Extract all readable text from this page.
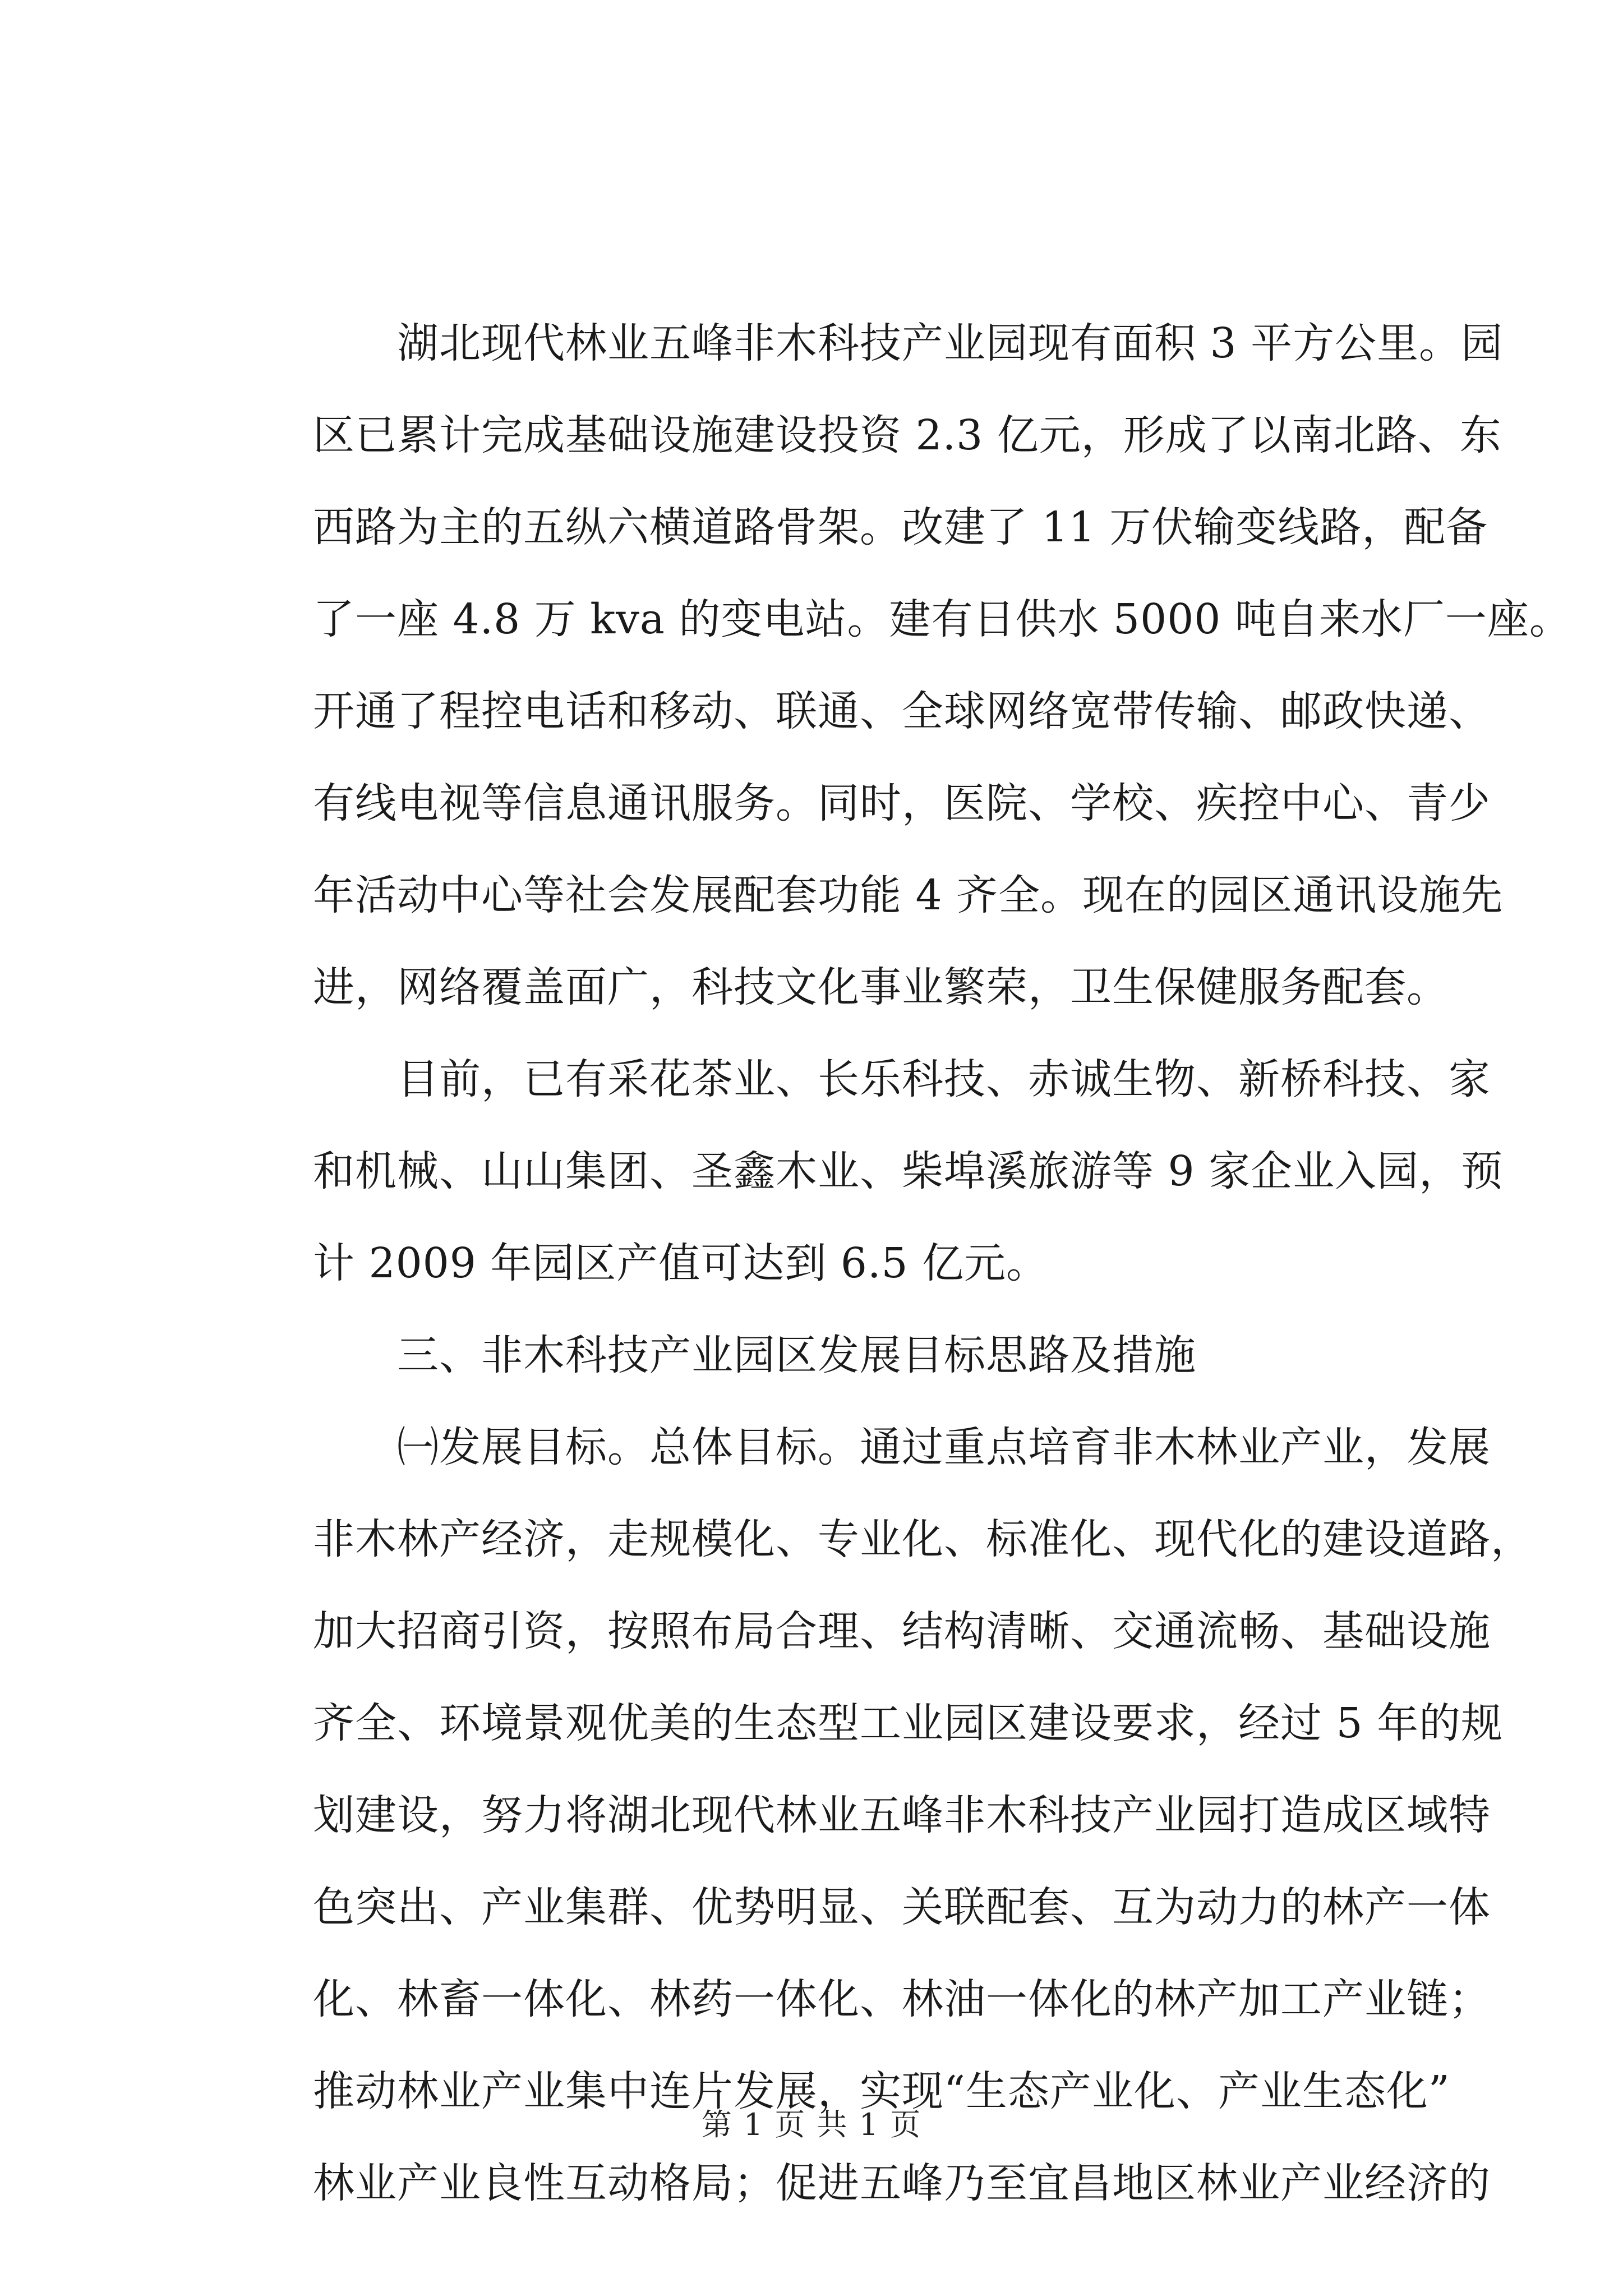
　　湖北现代林业五峰非木科技产业园现有面积 3 平方公里。园
区已累计完成基础设施建设投资 2.3 亿元，形成了以南北路、东
西路为主的五纵六横道路骨架。改建了 11 万伏输变线路，配备
了一座 4.8 万 kva 的变电站。建有日供水 5000 吨自来水厂一座。
开通了程控电话和移动、联通、全球网络宽带传输、邮政快递、
有线电视等信息通讯服务。同时，医院、学校、疾控中心、青少
年活动中心等社会发展配套功能 4 齐全。现在的园区通讯设施先
进，网络覆盖面广，科技文化事业繁荣，卫生保健服务配套。
　　目前，已有采花茶业、长乐科技、赤诚生物、新桥科技、家
和机械、山山集团、圣鑫木业、柴埠溪旅游等 9 家企业入园，预
计 2009 年园区产值可达到 6.5 亿元。
　　三、非木科技产业园区发展目标思路及措施
　　㈠发展目标。总体目标。通过重点培育非木林业产业，发展
非木林产经济，走规模化、专业化、标准化、现代化的建设道路，
加大招商引资，按照布局合理、结构清晰、交通流畅、基础设施
齐全、环境景观优美的生态型工业园区建设要求，经过 5 年的规
划建设，努力将湖北现代林业五峰非木科技产业园打造成区域特
色突出、产业集群、优势明显、关联配套、互为动力的林产一体
化、林畜一体化、林药一体化、林油一体化的林产加工产业链；
推动林业产业集中连片发展，实现“生态产业化、产业生态化”
林业产业良性互动格局；促进五峰乃至宜昌地区林业产业经济的
第 1 页 共 1 页
